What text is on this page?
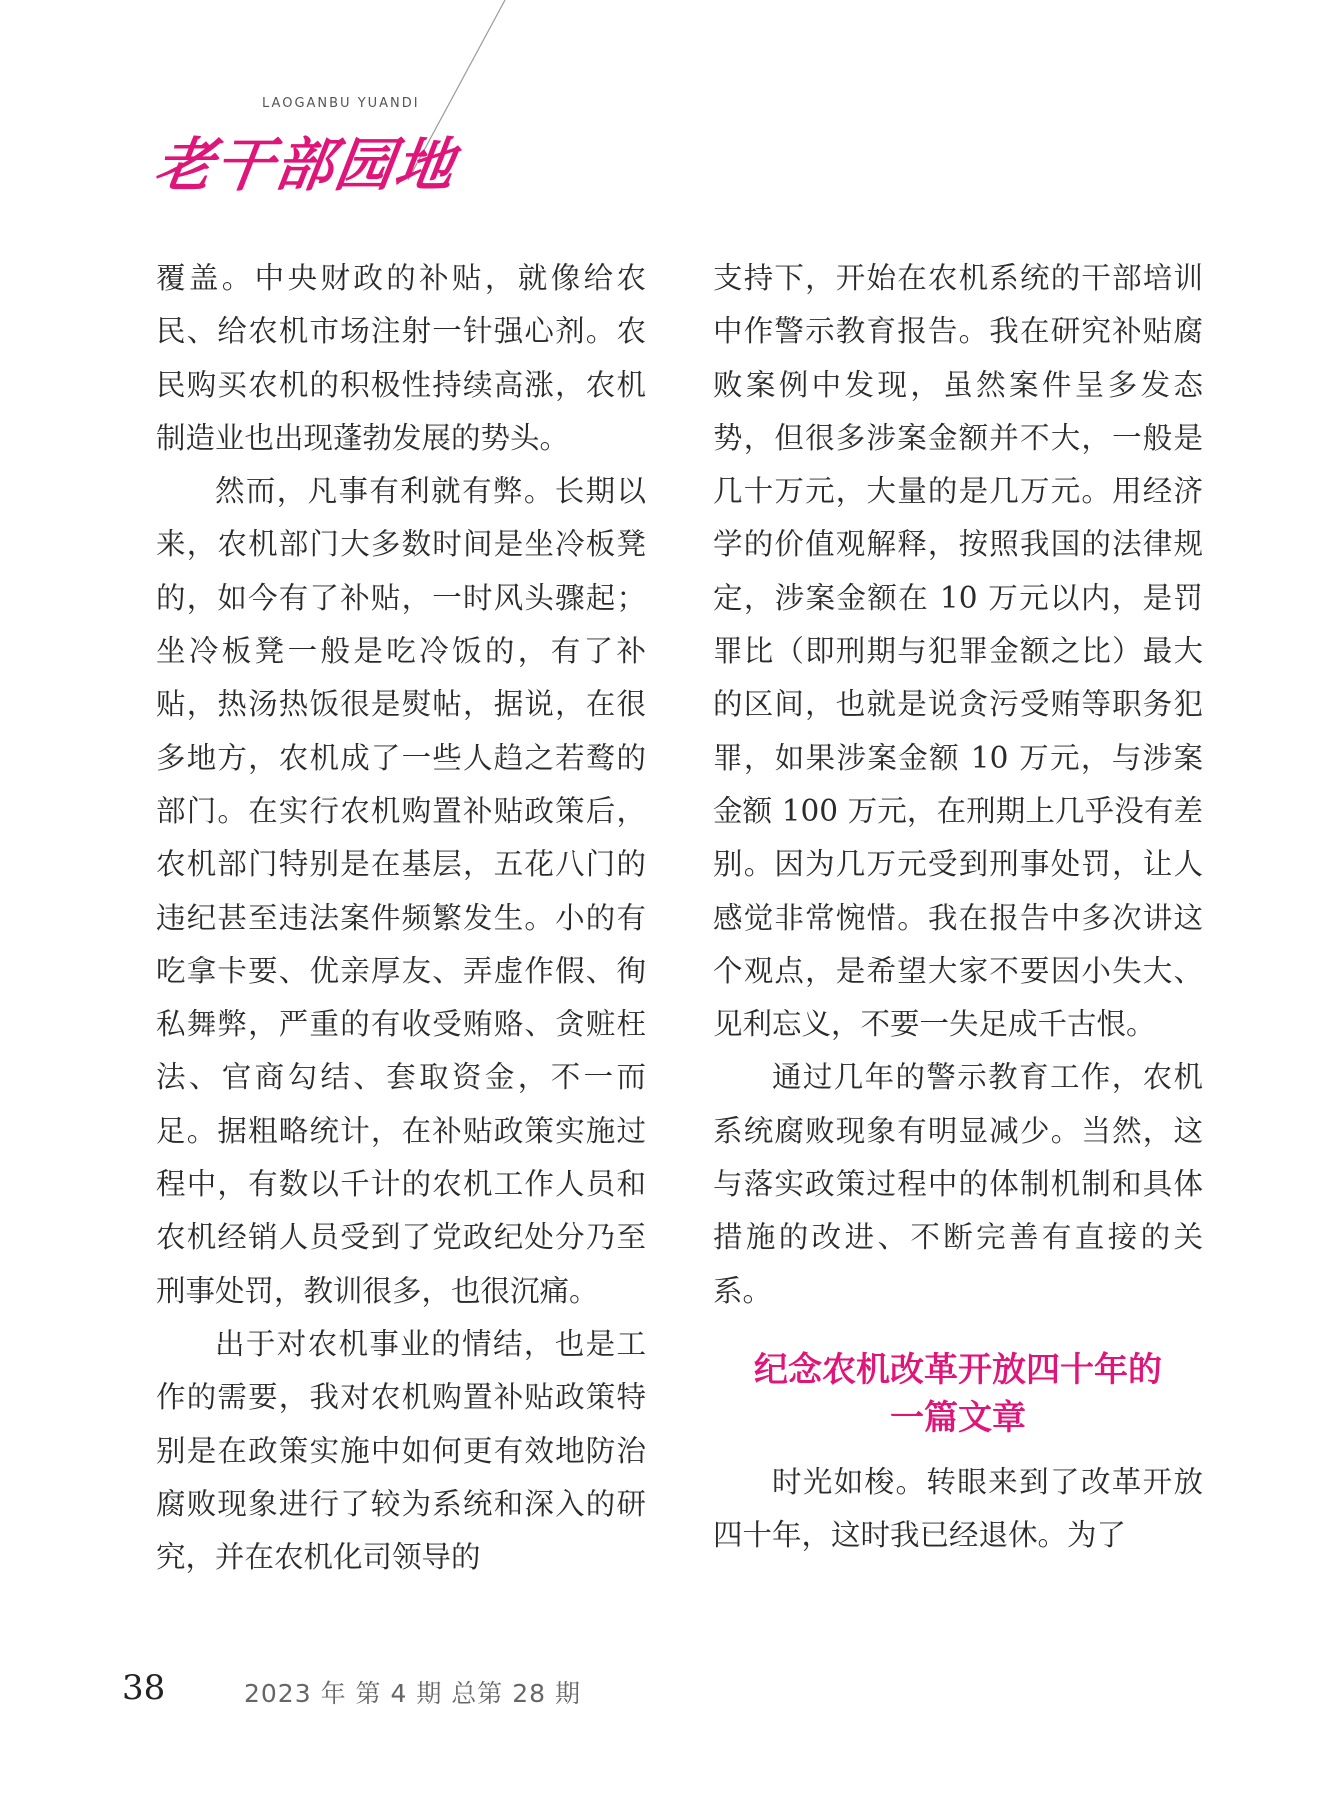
LAOGANBU YUANDI
老干部园地

覆盖。中央财政的补贴，就像给农民、给农机市场注射一针强心剂。农民购买农机的积极性持续高涨，农机制造业也出现蓬勃发展的势头。

然而，凡事有利就有弊。长期以来，农机部门大多数时间是坐冷板凳的，如今有了补贴，一时风头骤起；坐冷板凳一般是吃冷饭的，有了补贴，热汤热饭很是熨帖，据说，在很多地方，农机成了一些人趋之若鹜的部门。在实行农机购置补贴政策后，农机部门特别是在基层，五花八门的违纪甚至违法案件频繁发生。小的有吃拿卡要、优亲厚友、弄虚作假、徇私舞弊，严重的有收受贿赂、贪赃枉法、官商勾结、套取资金，不一而足。据粗略统计，在补贴政策实施过程中，有数以千计的农机工作人员和农机经销人员受到了党政纪处分乃至刑事处罚，教训很多，也很沉痛。

出于对农机事业的情结，也是工作的需要，我对农机购置补贴政策特别是在政策实施中如何更有效地防治腐败现象进行了较为系统和深入的研究，并在农机化司领导的

支持下，开始在农机系统的干部培训中作警示教育报告。我在研究补贴腐败案例中发现，虽然案件呈多发态势，但很多涉案金额并不大，一般是几十万元，大量的是几万元。用经济学的价值观解释，按照我国的法律规定，涉案金额在 10 万元以内，是罚罪比（即刑期与犯罪金额之比）最大的区间，也就是说贪污受贿等职务犯罪，如果涉案金额 10 万元，与涉案金额 100 万元，在刑期上几乎没有差别。因为几万元受到刑事处罚，让人感觉非常惋惜。我在报告中多次讲这个观点，是希望大家不要因小失大、见利忘义，不要一失足成千古恨。

通过几年的警示教育工作，农机系统腐败现象有明显减少。当然，这与落实政策过程中的体制机制和具体措施的改进、不断完善有直接的关系。

纪念农机改革开放四十年的
一篇文章

时光如梭。转眼来到了改革开放四十年，这时我已经退休。为了

38	2023 年 第 4 期 总第 28 期
